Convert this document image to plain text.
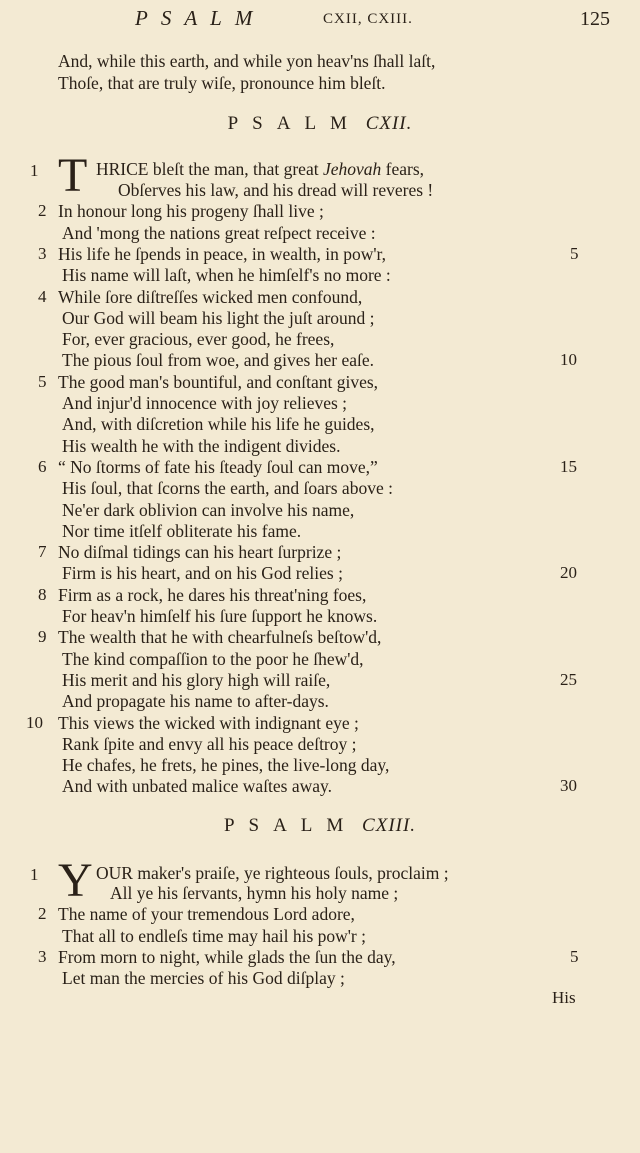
PSALM	CXII, CXIII.	125
And, while this earth, and while yon heav'ns ſhall laſt,
Thoſe, that are truly wiſe, pronounce him bleſt.
PSALM CXII.
1 T HRICE bleſt the man, that great Jehovah fears,
Obſerves his law, and his dread will reveres !
2 In honour long his progeny ſhall live ;
And 'mong the nations great reſpect receive :
3 His life he ſpends in peace, in wealth, in pow'r,	5
His name will laſt, when he himſelf's no more :
4 While ſore diſtreſſes wicked men confound,
Our God will beam his light the juſt around ;
For, ever gracious, ever good, he frees,
The pious ſoul from woe, and gives her eaſe.	10
5 The good man's bountiful, and conſtant gives,
And injur'd innocence with joy relieves ;
And, with diſcretion while his life he guides,
His wealth he with the indigent divides.
6 “ No ſtorms of fate his ſteady ſoul can move,”	15
His ſoul, that ſcorns the earth, and ſoars above :
Ne'er dark oblivion can involve his name,
Nor time itſelf obliterate his fame.
7 No diſmal tidings can his heart ſurprize ;
Firm is his heart, and on his God relies ;	20
8 Firm as a rock, he dares his threat'ning foes,
For heav'n himſelf his ſure ſupport he knows.
9 The wealth that he with chearfulneſs beſtow'd,
The kind compaſſion to the poor he ſhew'd,
His merit and his glory high will raiſe,	25
And propagate his name to after-days.
10 This views the wicked with indignant eye ;
Rank ſpite and envy all his peace deſtroy ;
He chafes, he frets, he pines, the live-long day,
And with unbated malice waſtes away.	30
PSALM CXIII.
1 Y OUR maker's praiſe, ye righteous ſouls, proclaim ;
All ye his ſervants, hymn his holy name ;
2 The name of your tremendous Lord adore,
That all to endleſs time may hail his pow'r ;
3 From morn to night, while glads the ſun the day,	5
Let man the mercies of his God diſplay ;
His
